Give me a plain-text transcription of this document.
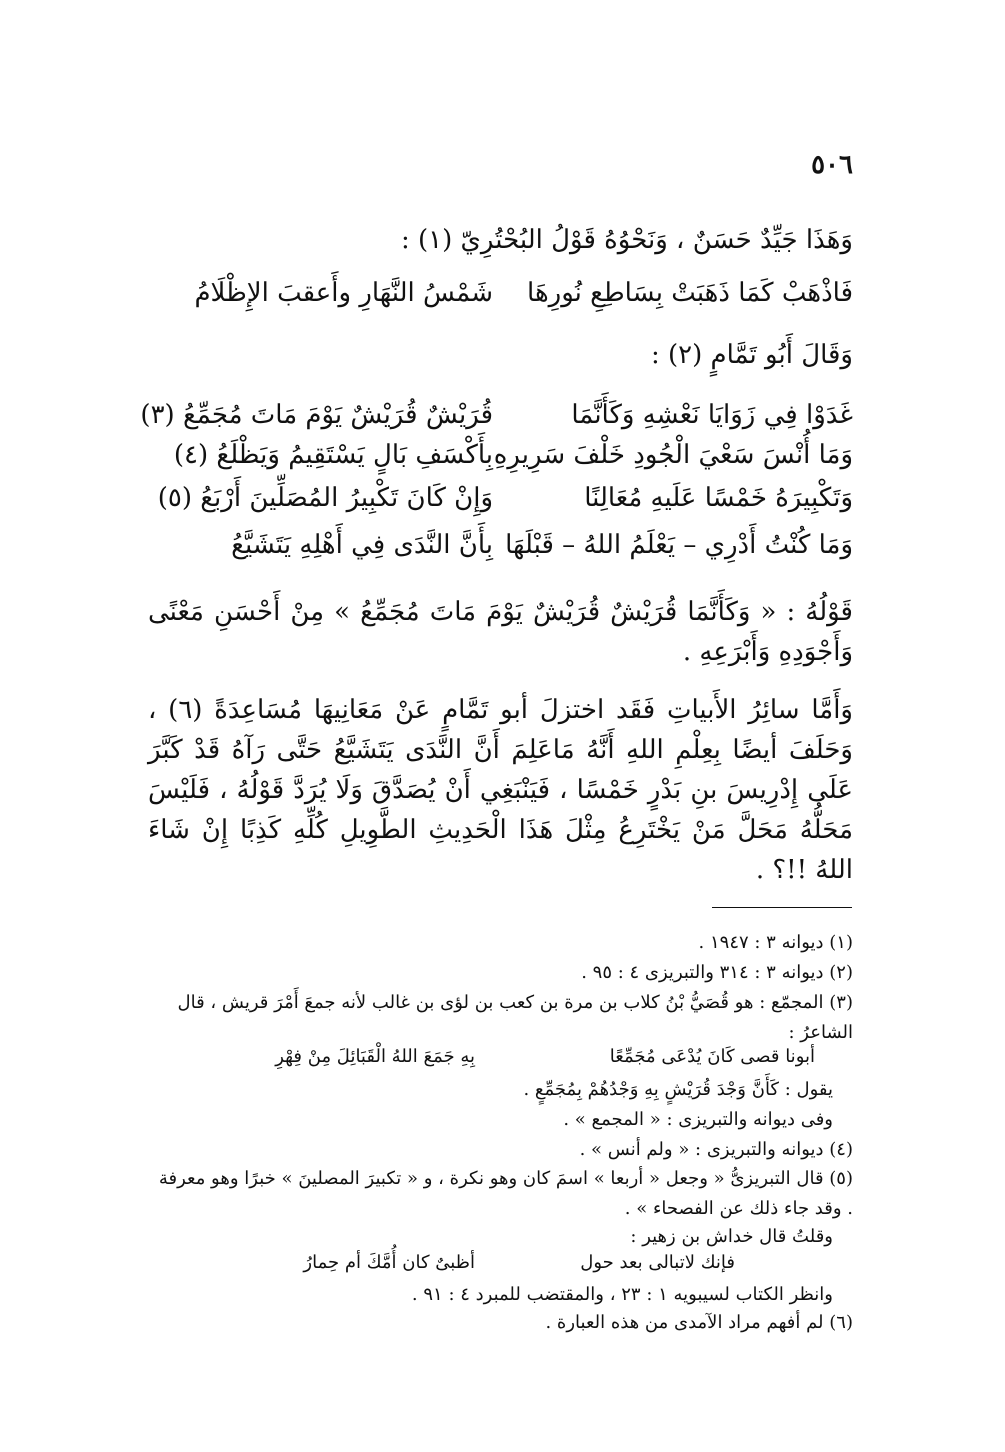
٥٠٦
وَهَذَا جَيِّدٌ حَسَنٌ ، وَنَحْوُهُ قَوْلُ البُحْتُرِيّ (١) :
فَاذْهَبْ كَمَا ذَهَبَتْ بِسَاطِعِ نُورِهَا
شَمْسُ النَّهَارِ وأَعقبَ الإِظْلَامُ
وَقَالَ أَبُو تَمَّامٍ (٢) :
غَدَوْا فِي زَوَايَا نَعْشِهِ وَكَأَنَّمَا
قُرَيْشٌ قُرَيْشٌ يَوْمَ مَاتَ مُجَمِّعُ (٣)
وَمَا أُنْسَ سَعْيَ الْجُودِ خَلْفَ سَرِيرِهِ
بِأَكْسَفِ بَالٍ يَسْتَقِيمُ وَيَظْلَعُ (٤)
وَتَكْبِيرَهُ خَمْسًا عَلَيهِ مُعَالِنًا
وَإِنْ كَانَ تَكْبِيرُ المُصَلِّينَ أَرْبَعُ (٥)
وَمَا كُنْتُ أَدْرِي – يَعْلَمُ اللهُ – قَبْلَهَا
بِأَنَّ النَّدَى فِي أَهْلِهِ يَتَشَيَّعُ
قَوْلُهُ : « وَكَأَنَّمَا قُرَيْشٌ قُرَيْشٌ يَوْمَ مَاتَ مُجَمِّعُ » مِنْ أَحْسَنِ مَعْنًى وَأَجْوَدِهِ وَأَبْرَعِهِ .
وَأَمَّا سائِرُ الأَبياتِ فَقَد اختزلَ أبو تَمَّامٍ عَنْ مَعَانِيهَا مُسَاعِدَةً (٦) ، وَحَلَفَ أيضًا بِعِلْمِ اللهِ أَنَّهُ مَاعَلِمَ أَنَّ النَّدَى يَتَشَيَّعُ حَتَّى رَآهُ قَدْ كَبَّرَ عَلَى إِدْرِيسَ بنِ بَدْرٍ خَمْسًا ، فَيَنْبَغِي أَنْ يُصَدَّقَ وَلَا يُرَدَّ قَوْلُهُ ، فَلَيْسَ مَحَلُّهُ مَحَلَّ مَنْ يَخْتَرِعُ مِثْلَ هَذَا الْحَدِيثِ الطَّوِيلِ كُلِّهِ كَذِبًا إِنْ شَاءَ اللهُ !!؟ .
(١) ديوانه ٣ : ١٩٤٧ .
(٢) ديوانه ٣ : ٣١٤ والتبريزى ٤ : ٩٥ .
(٣) المجمّع : هو قُصَيُّ بْنُ كلاب بن مرة بن كعب بن لؤى بن غالب لأنه جمعَ أَمْرَ قريش ، قال الشاعرُ :
أبونا قصى كَانَ يُدْعَى مُجَمِّعًا
بِهِ جَمَعَ اللهُ الْقَبَائِلَ مِنْ فِهْرِ
يقول : كَأَنَّ وَجْدَ قُرَيْشٍ بِهِ وَجْدُهُمْ بِمُجَمِّعٍ .
وفى ديوانه والتبريزى : « المجمع » .
(٤) ديوانه والتبريزى : « ولم أنس » .
(٥) قال التبريزىُّ « وجعل « أربعا » اسمَ كان وهو نكرة ، و « تكبيرَ المصلينَ » خبرًا وهو معرفة . وقد جاء ذلك عن الفصحاء » .
وقلتُ قال خداش بن زهير :
فإنك لاتبالى بعد حول
أظبىٌ كان أُمَّكَ أم حِمارُ
وانظر الكتاب لسيبويه ١ : ٢٣ ، والمقتضب للمبرد ٤ : ٩١ .
(٦) لم أفهم مراد الآمدى من هذه العبارة .
